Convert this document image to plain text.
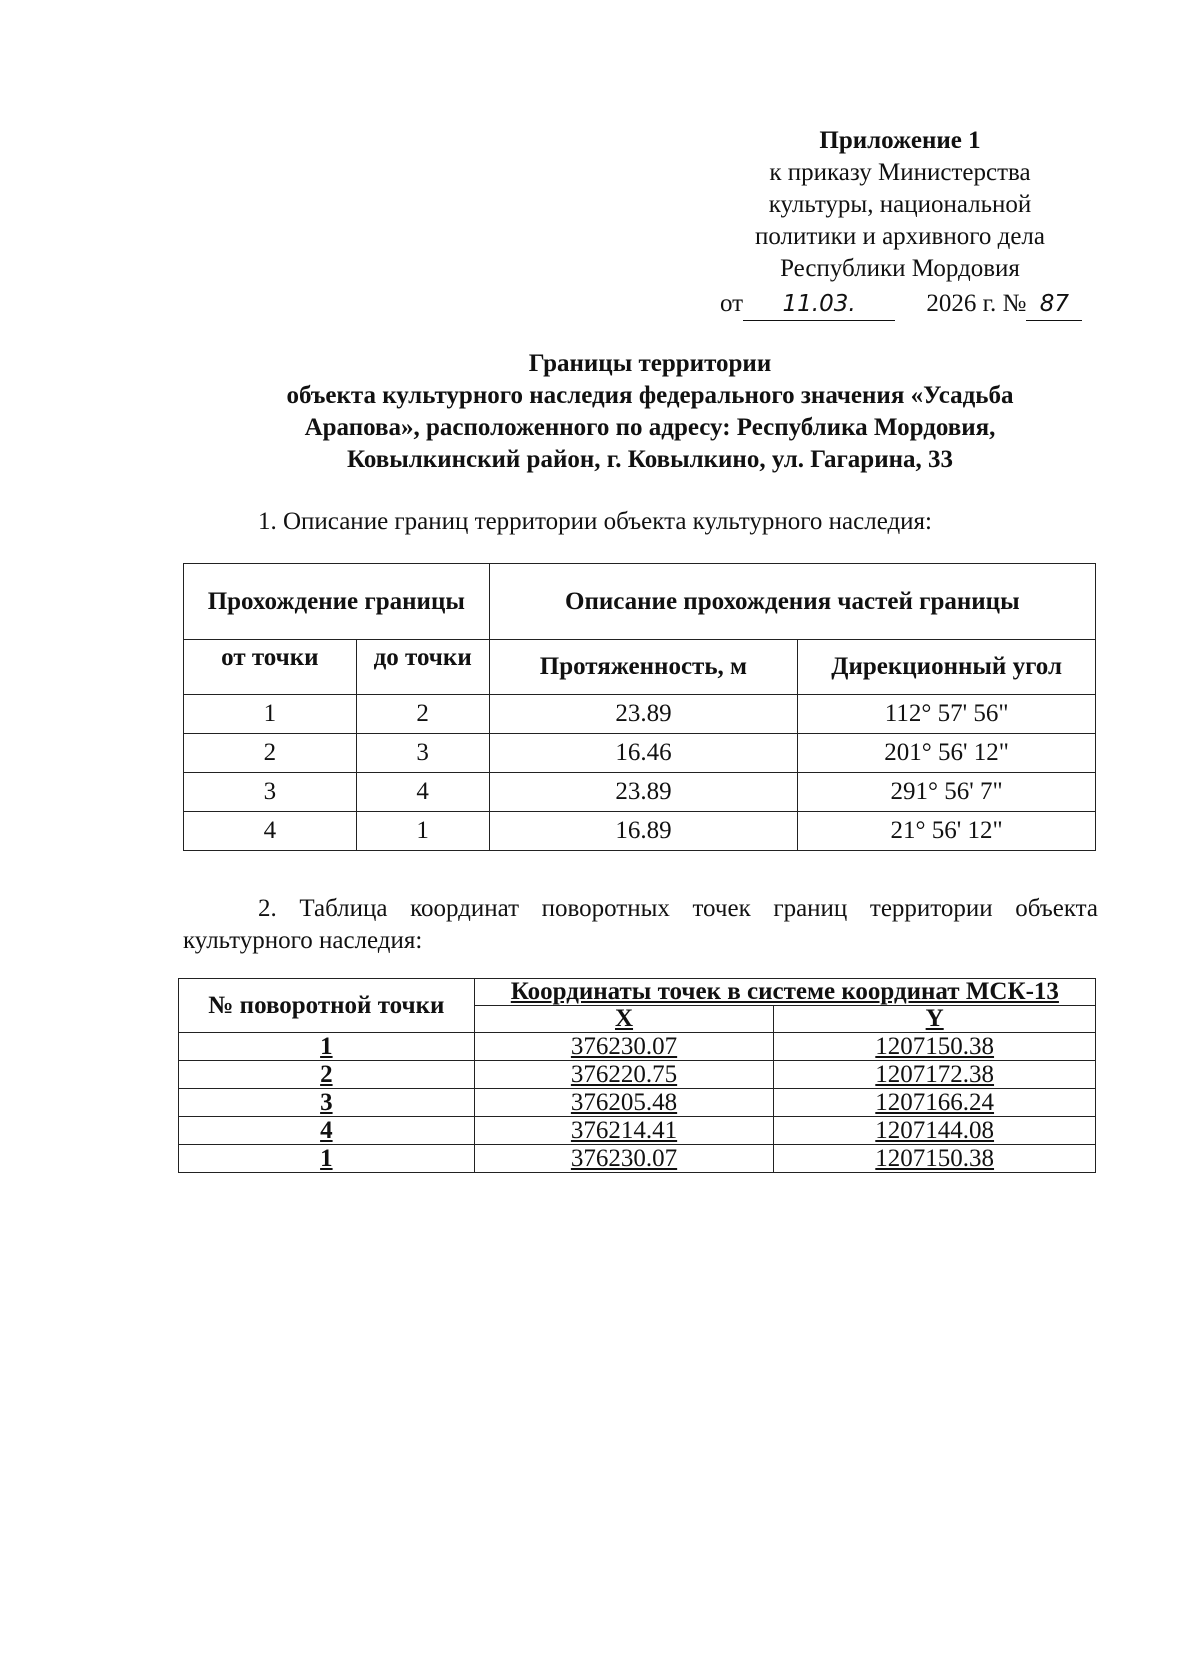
Приложение 1
к приказу Министерства
культуры, национальной
политики и архивного дела
Республики Мордовия
от 11.03.	2026 г. № 87
Границы территории
объекта культурного наследия федерального значения «Усадьба
Арапова», расположенного по адресу: Республика Мордовия,
Ковылкинский район, г. Ковылкино, ул. Гагарина, 33
1. Описание границ территории объекта культурного наследия:
Прохождение границы		Описание прохождения частей границы	
от точки	до точки	Протяженность, м	Дирекционный угол
1	2	23.89	112° 57' 56"
2	3	16.46	201° 56' 12"
3	4	23.89	291° 56' 7"
4	1	16.89	21° 56' 12"
2. Таблица координат поворотных точек границ территории объекта культурного наследия:
№ поворотной точки	Координаты точек в системе координат МСК-13	
	X	Y
1	376230.07	1207150.38
2	376220.75	1207172.38
3	376205.48	1207166.24
4	376214.41	1207144.08
1	376230.07	1207150.38
